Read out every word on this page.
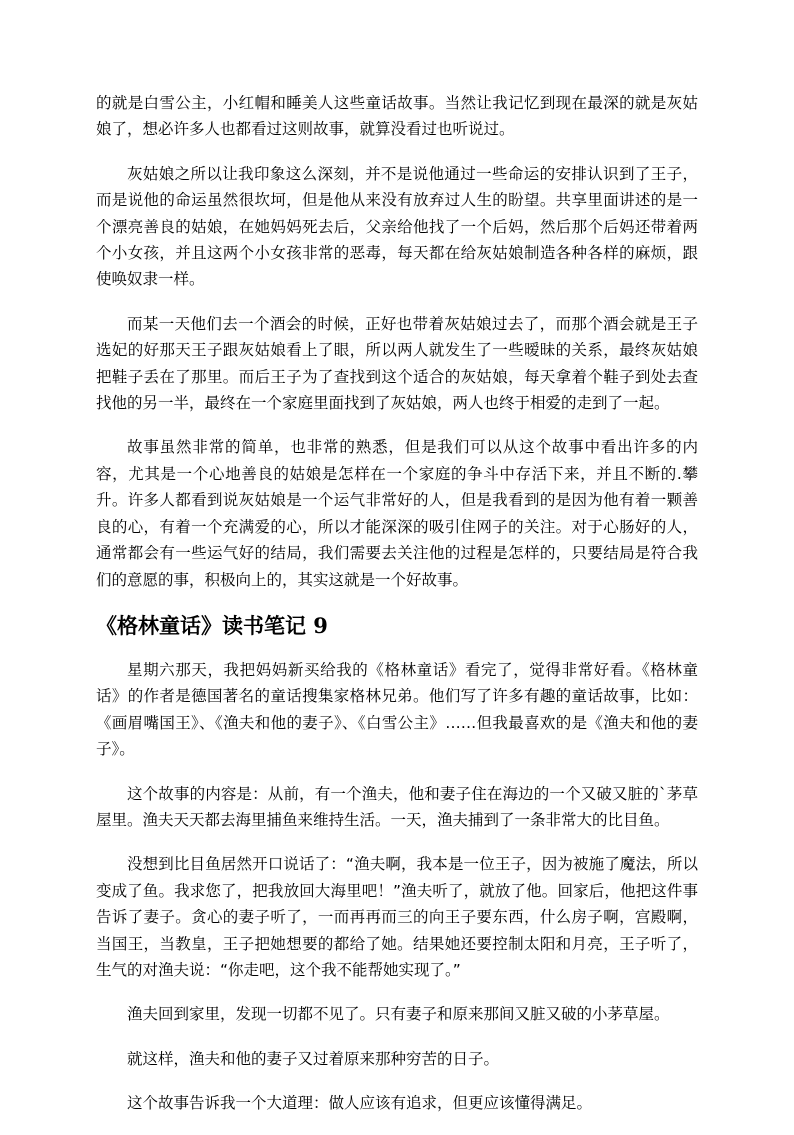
的就是白雪公主，小红帽和睡美人这些童话故事。当然让我记忆到现在最深的就是灰姑娘了，想必许多人也都看过这则故事，就算没看过也听说过。

灰姑娘之所以让我印象这么深刻，并不是说他通过一些命运的安排认识到了王子，而是说他的命运虽然很坎坷，但是他从来没有放弃过人生的盼望。共享里面讲述的是一个漂亮善良的姑娘，在她妈妈死去后，父亲给他找了一个后妈，然后那个后妈还带着两个小女孩，并且这两个小女孩非常的恶毒，每天都在给灰姑娘制造各种各样的麻烦，跟使唤奴隶一样。

而某一天他们去一个酒会的时候，正好也带着灰姑娘过去了，而那个酒会就是王子选妃的好那天王子跟灰姑娘看上了眼，所以两人就发生了一些暧昧的关系，最终灰姑娘把鞋子丢在了那里。而后王子为了查找到这个适合的灰姑娘，每天拿着个鞋子到处去查找他的另一半，最终在一个家庭里面找到了灰姑娘，两人也终于相爱的走到了一起。

故事虽然非常的简单，也非常的熟悉，但是我们可以从这个故事中看出许多的内容，尤其是一个心地善良的姑娘是怎样在一个家庭的争斗中存活下来，并且不断的.攀升。许多人都看到说灰姑娘是一个运气非常好的人，但是我看到的是因为他有着一颗善良的心，有着一个充满爱的心，所以才能深深的吸引住网子的关注。对于心肠好的人，通常都会有一些运气好的结局，我们需要去关注他的过程是怎样的，只要结局是符合我们的意愿的事，积极向上的，其实这就是一个好故事。

《格林童话》读书笔记 9

星期六那天，我把妈妈新买给我的《格林童话》看完了，觉得非常好看。《格林童话》的作者是德国著名的童话搜集家格林兄弟。他们写了许多有趣的童话故事，比如：《画眉嘴国王》、《渔夫和他的妻子》、《白雪公主》……但我最喜欢的是《渔夫和他的妻子》。

这个故事的内容是：从前，有一个渔夫，他和妻子住在海边的一个又破又脏的`茅草屋里。渔夫天天都去海里捕鱼来维持生活。一天，渔夫捕到了一条非常大的比目鱼。

没想到比目鱼居然开口说话了：“渔夫啊，我本是一位王子，因为被施了魔法，所以变成了鱼。我求您了，把我放回大海里吧！”渔夫听了，就放了他。回家后，他把这件事告诉了妻子。贪心的妻子听了，一而再再而三的向王子要东西，什么房子啊，宫殿啊，当国王，当教皇，王子把她想要的都给了她。结果她还要控制太阳和月亮，王子听了，生气的对渔夫说：“你走吧，这个我不能帮她实现了。”

渔夫回到家里，发现一切都不见了。只有妻子和原来那间又脏又破的小茅草屋。

就这样，渔夫和他的妻子又过着原来那种穷苦的日子。

这个故事告诉我一个大道理：做人应该有追求，但更应该懂得满足。
